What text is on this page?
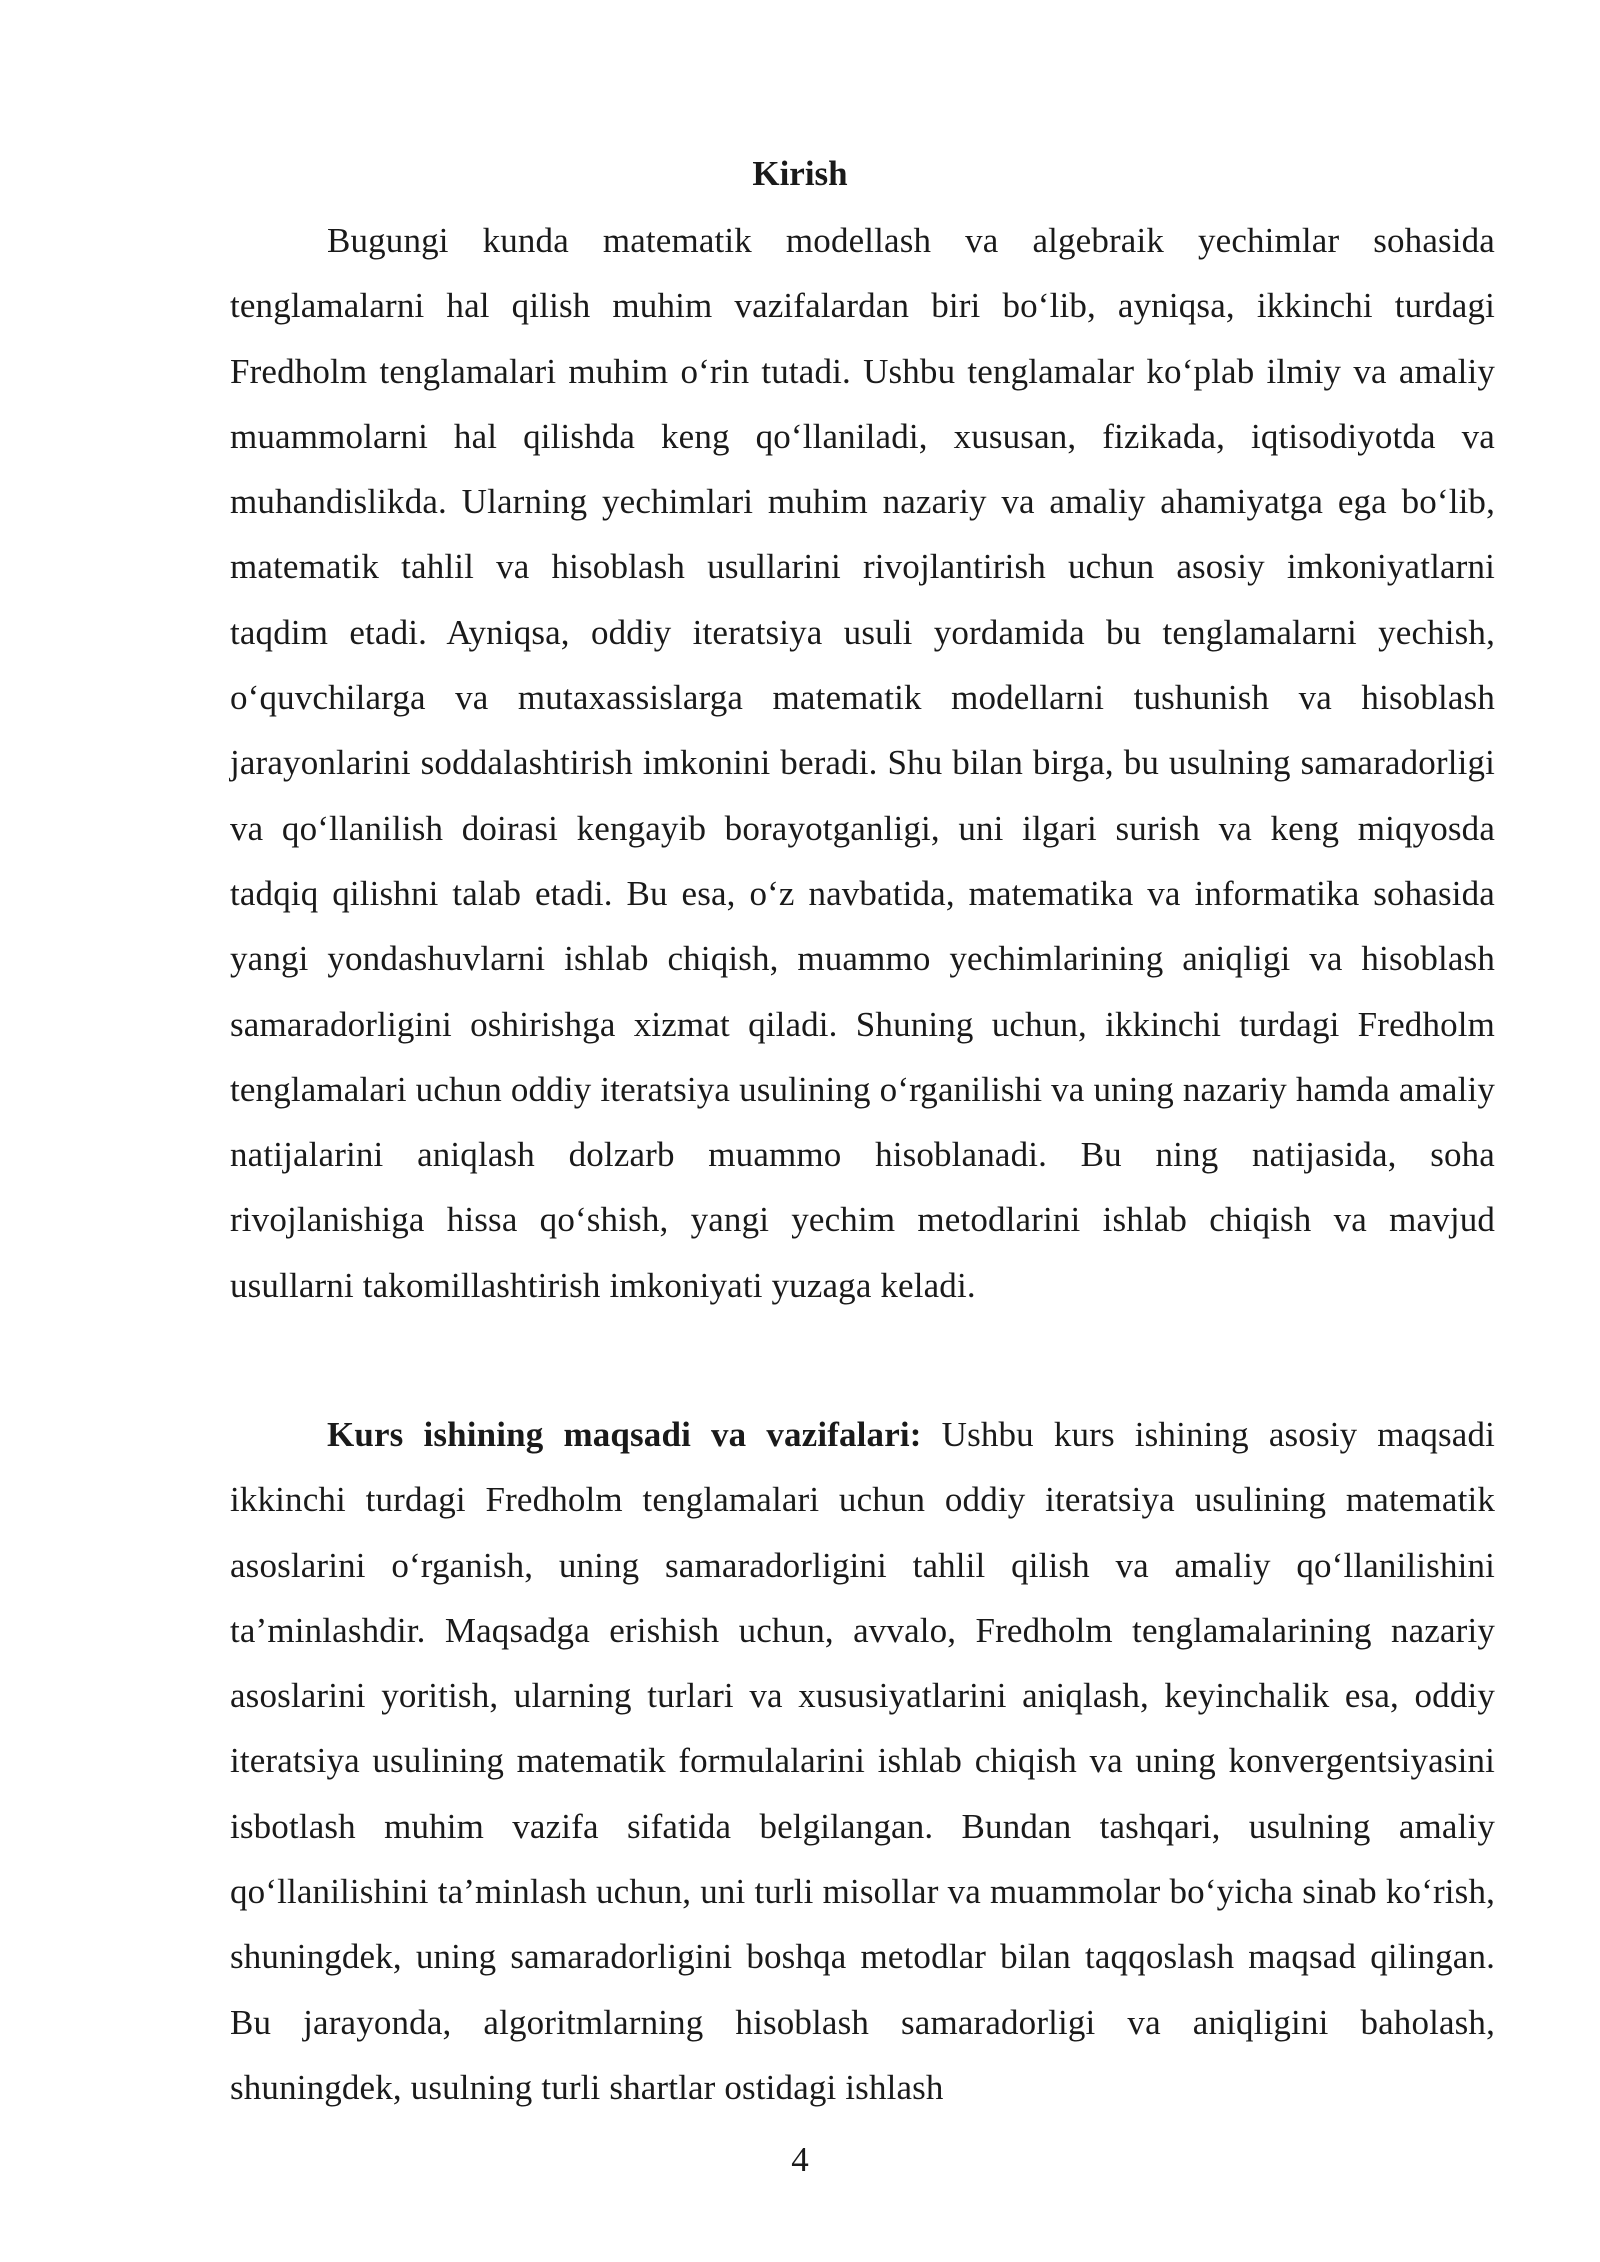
Kirish

Bugungi kunda matematik modellash va algebraik yechimlar sohasida tenglamalarni hal qilish muhim vazifalardan biri bo‘lib, ayniqsa, ikkinchi turdagi Fredholm tenglamalari muhim o‘rin tutadi. Ushbu tenglamalar ko‘plab ilmiy va amaliy muammolarni hal qilishda keng qo‘llaniladi, xususan, fizikada, iqtisodiyotda va muhandislikda. Ularning yechimlari muhim nazariy va amaliy ahamiyatga ega bo‘lib, matematik tahlil va hisoblash usullarini rivojlantirish uchun asosiy imkoniyatlarni taqdim etadi. Ayniqsa, oddiy iteratsiya usuli yordamida bu tenglamalarni yechish, o‘quvchilarga va mutaxassislarga matematik modellarni tushunish va hisoblash jarayonlarini soddalashtirish imkonini beradi. Shu bilan birga, bu usulning samaradorligi va qo‘llanilish doirasi kengayib borayotganligi, uni ilgari surish va keng miqyosda tadqiq qilishni talab etadi. Bu esa, o‘z navbatida, matematika va informatika sohasida yangi yondashuvlarni ishlab chiqish, muammo yechimlarining aniqligi va hisoblash samaradorligini oshirishga xizmat qiladi. Shuning uchun, ikkinchi turdagi Fredholm tenglamalari uchun oddiy iteratsiya usulining o‘rganilishi va uning nazariy hamda amaliy natijalarini aniqlash dolzarb muammo hisoblanadi. Bu ning natijasida, soha rivojlanishiga hissa qo‘shish, yangi yechim metodlarini ishlab chiqish va mavjud usullarni takomillashtirish imkoniyati yuzaga keladi.

Kurs ishining maqsadi va vazifalari: Ushbu kurs ishining asosiy maqsadi ikkinchi turdagi Fredholm tenglamalari uchun oddiy iteratsiya usulining matematik asoslarini o‘rganish, uning samaradorligini tahlil qilish va amaliy qo‘llanilishini ta’minlashdir. Maqsadga erishish uchun, avvalo, Fredholm tenglamalarining nazariy asoslarini yoritish, ularning turlari va xususiyatlarini aniqlash, keyinchalik esa, oddiy iteratsiya usulining matematik formulalarini ishlab chiqish va uning konvergentsiyasini isbotlash muhim vazifa sifatida belgilangan. Bundan tashqari, usulning amaliy qo‘llanilishini ta’minlash uchun, uni turli misollar va muammolar bo‘yicha sinab ko‘rish, shuningdek, uning samaradorligini boshqa metodlar bilan taqqoslash maqsad qilingan. Bu jarayonda, algoritmlarning hisoblash samaradorligi va aniqligini baholash, shuningdek, usulning turli shartlar ostidagi ishlash

4
